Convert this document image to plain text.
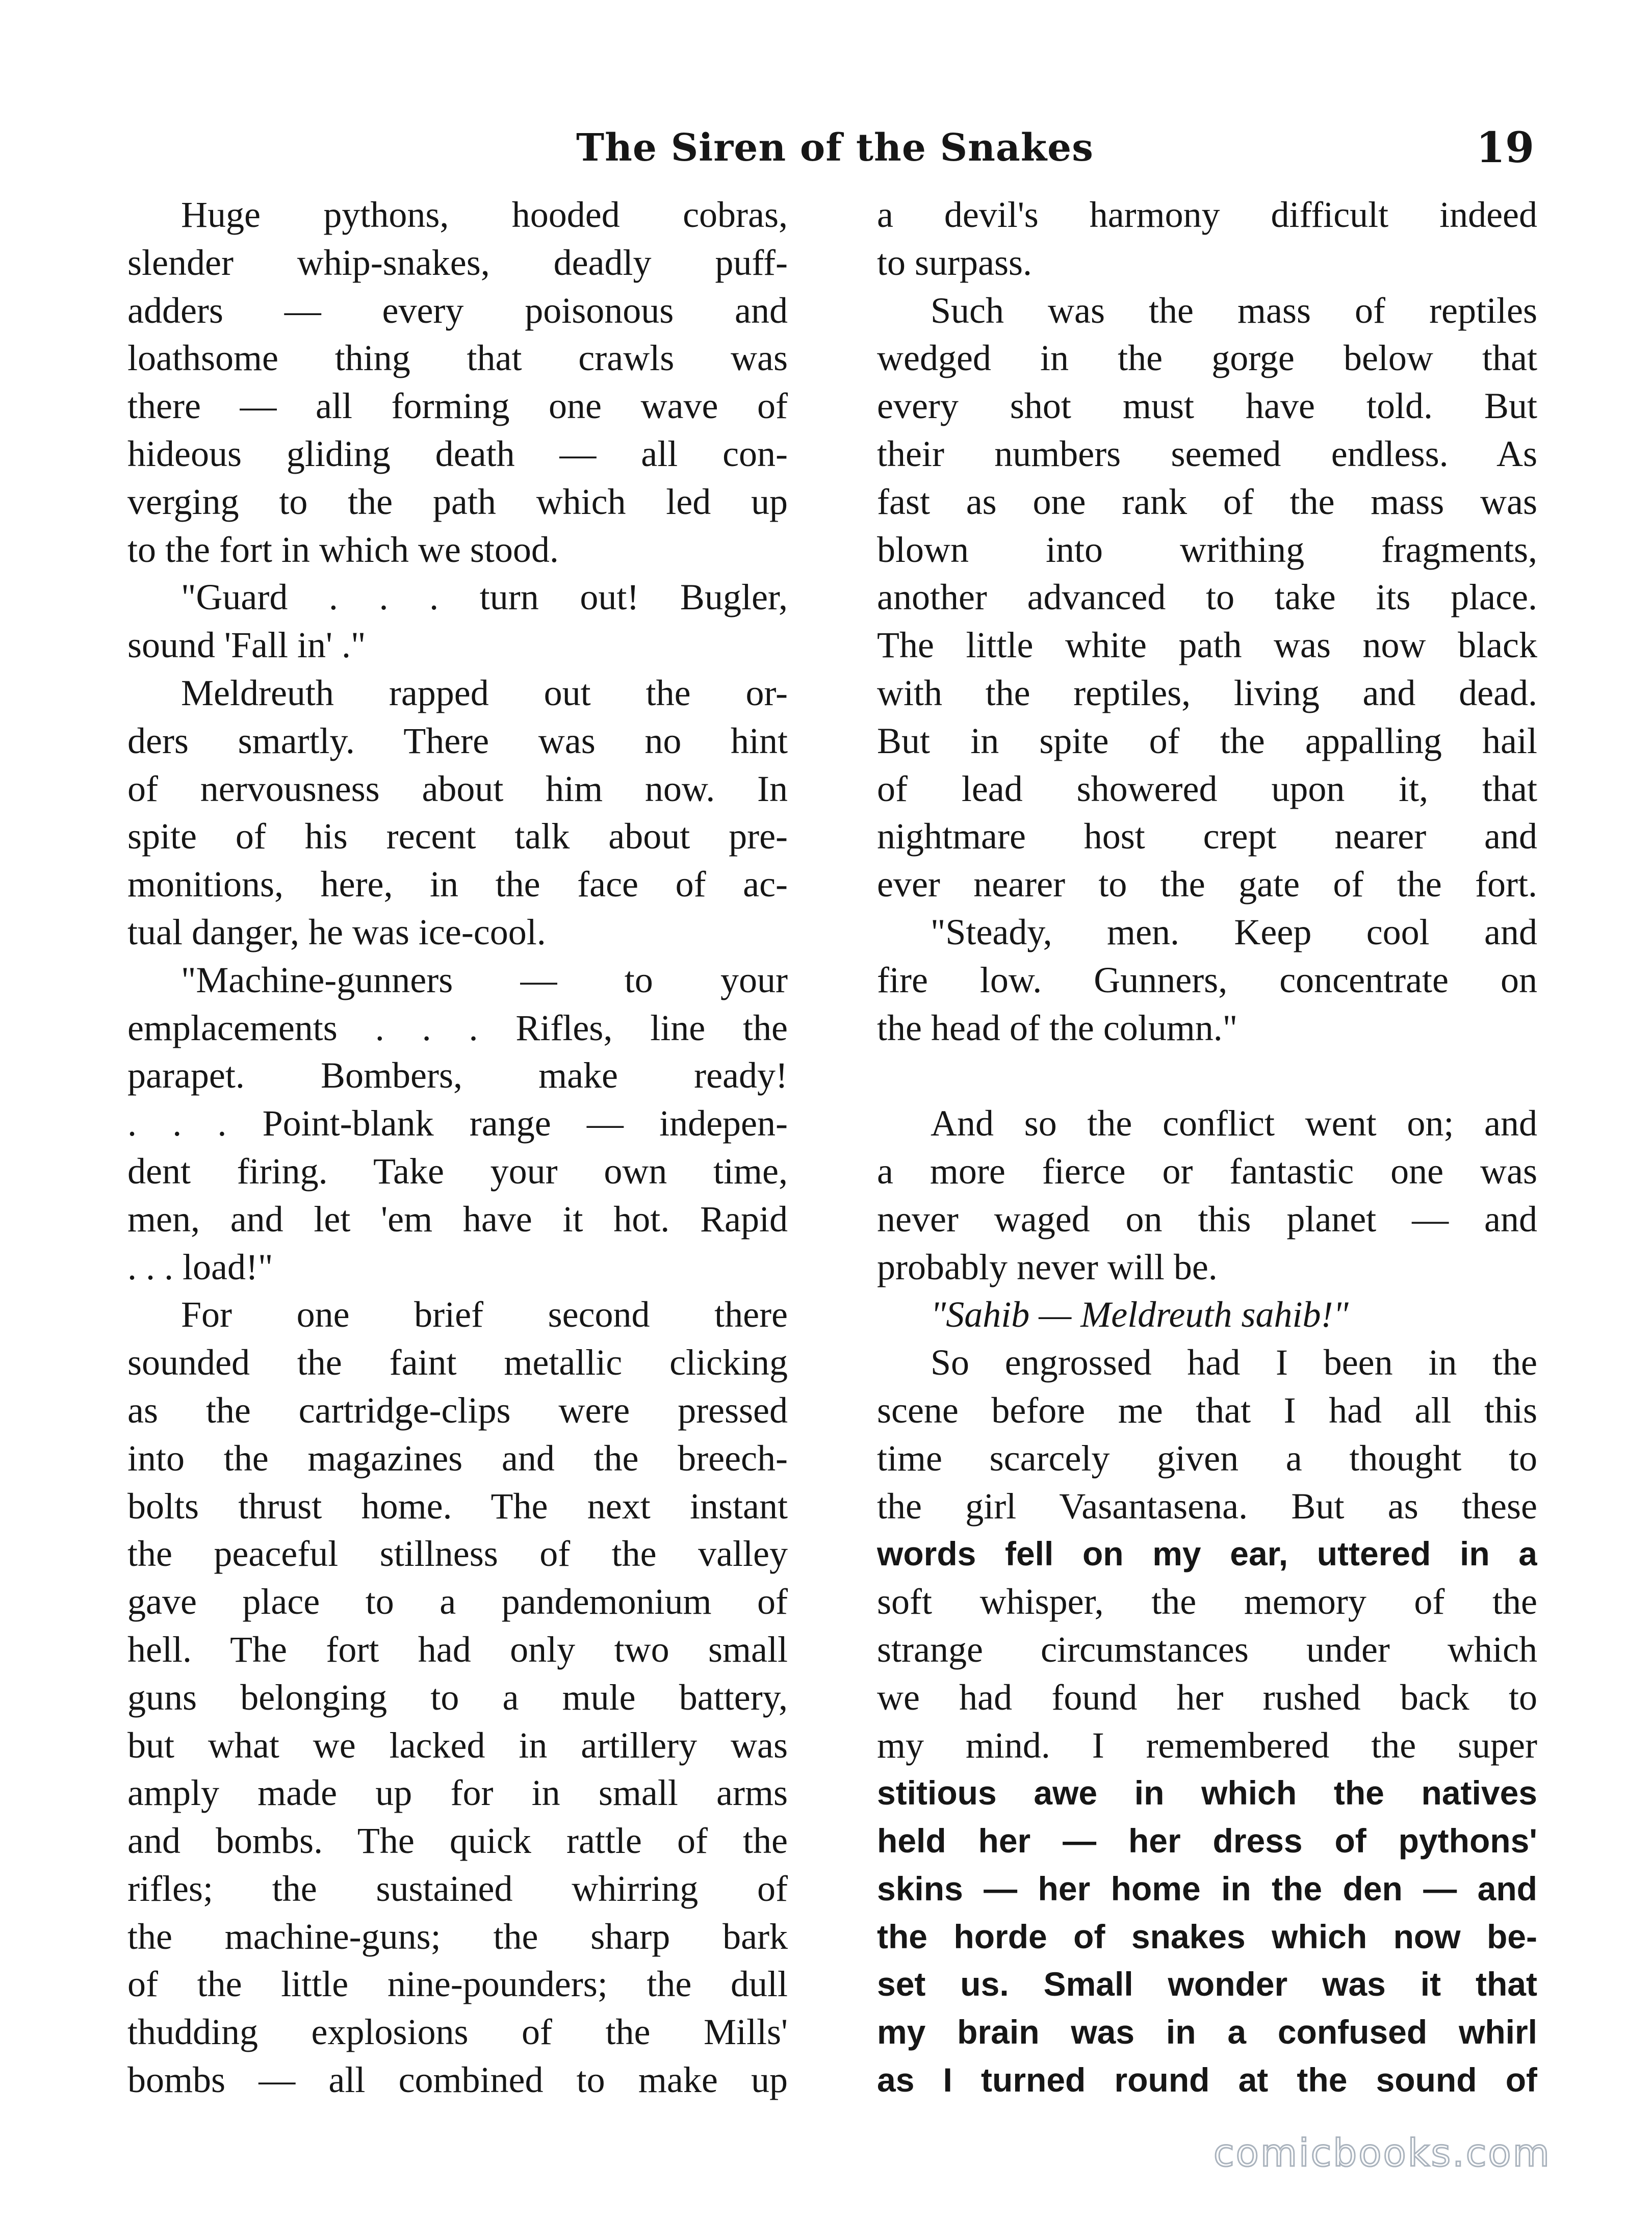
The Siren of the Snakes	19
Huge pythons, hooded cobras,
slender whip-snakes, deadly puff-
adders — every poisonous and
loathsome thing that crawls was
there — all forming one wave of
hideous gliding death — all con-
verging to the path which led up
to the fort in which we stood.
"Guard . . . turn out! Bugler,
sound 'Fall in' ."
Meldreuth rapped out the or-
ders smartly. There was no hint
of nervousness about him now. In
spite of his recent talk about pre-
monitions, here, in the face of ac-
tual danger, he was ice-cool.
"Machine-gunners — to your
emplacements . . . Rifles, line the
parapet. Bombers, make ready!
. . . Point-blank range — indepen-
dent firing. Take your own time,
men, and let 'em have it hot. Rapid
. . . load!"
For one brief second there
sounded the faint metallic clicking
as the cartridge-clips were pressed
into the magazines and the breech-
bolts thrust home. The next instant
the peaceful stillness of the valley
gave place to a pandemonium of
hell. The fort had only two small
guns belonging to a mule battery,
but what we lacked in artillery was
amply made up for in small arms
and bombs. The quick rattle of the
rifles; the sustained whirring of
the machine-guns; the sharp bark
of the little nine-pounders; the dull
thudding explosions of the Mills'
bombs — all combined to make up
a devil's harmony difficult indeed
to surpass.
Such was the mass of reptiles
wedged in the gorge below that
every shot must have told. But
their numbers seemed endless. As
fast as one rank of the mass was
blown into writhing fragments,
another advanced to take its place.
The little white path was now black
with the reptiles, living and dead.
But in spite of the appalling hail
of lead showered upon it, that
nightmare host crept nearer and
ever nearer to the gate of the fort.
"Steady, men. Keep cool and
fire low. Gunners, concentrate on
the head of the column."
And so the conflict went on; and
a more fierce or fantastic one was
never waged on this planet — and
probably never will be.
"Sahib — Meldreuth sahib!"
So engrossed had I been in the
scene before me that I had all this
time scarcely given a thought to
the girl Vasantasena. But as these
words fell on my ear, uttered in a
soft whisper, the memory of the
strange circumstances under which
we had found her rushed back to
my mind. I remembered the super
stitious awe in which the natives
held her — her dress of pythons'
skins — her home in the den — and
the horde of snakes which now be-
set us. Small wonder was it that
my brain was in a confused whirl
as I turned round at the sound of
comicbooks.com
